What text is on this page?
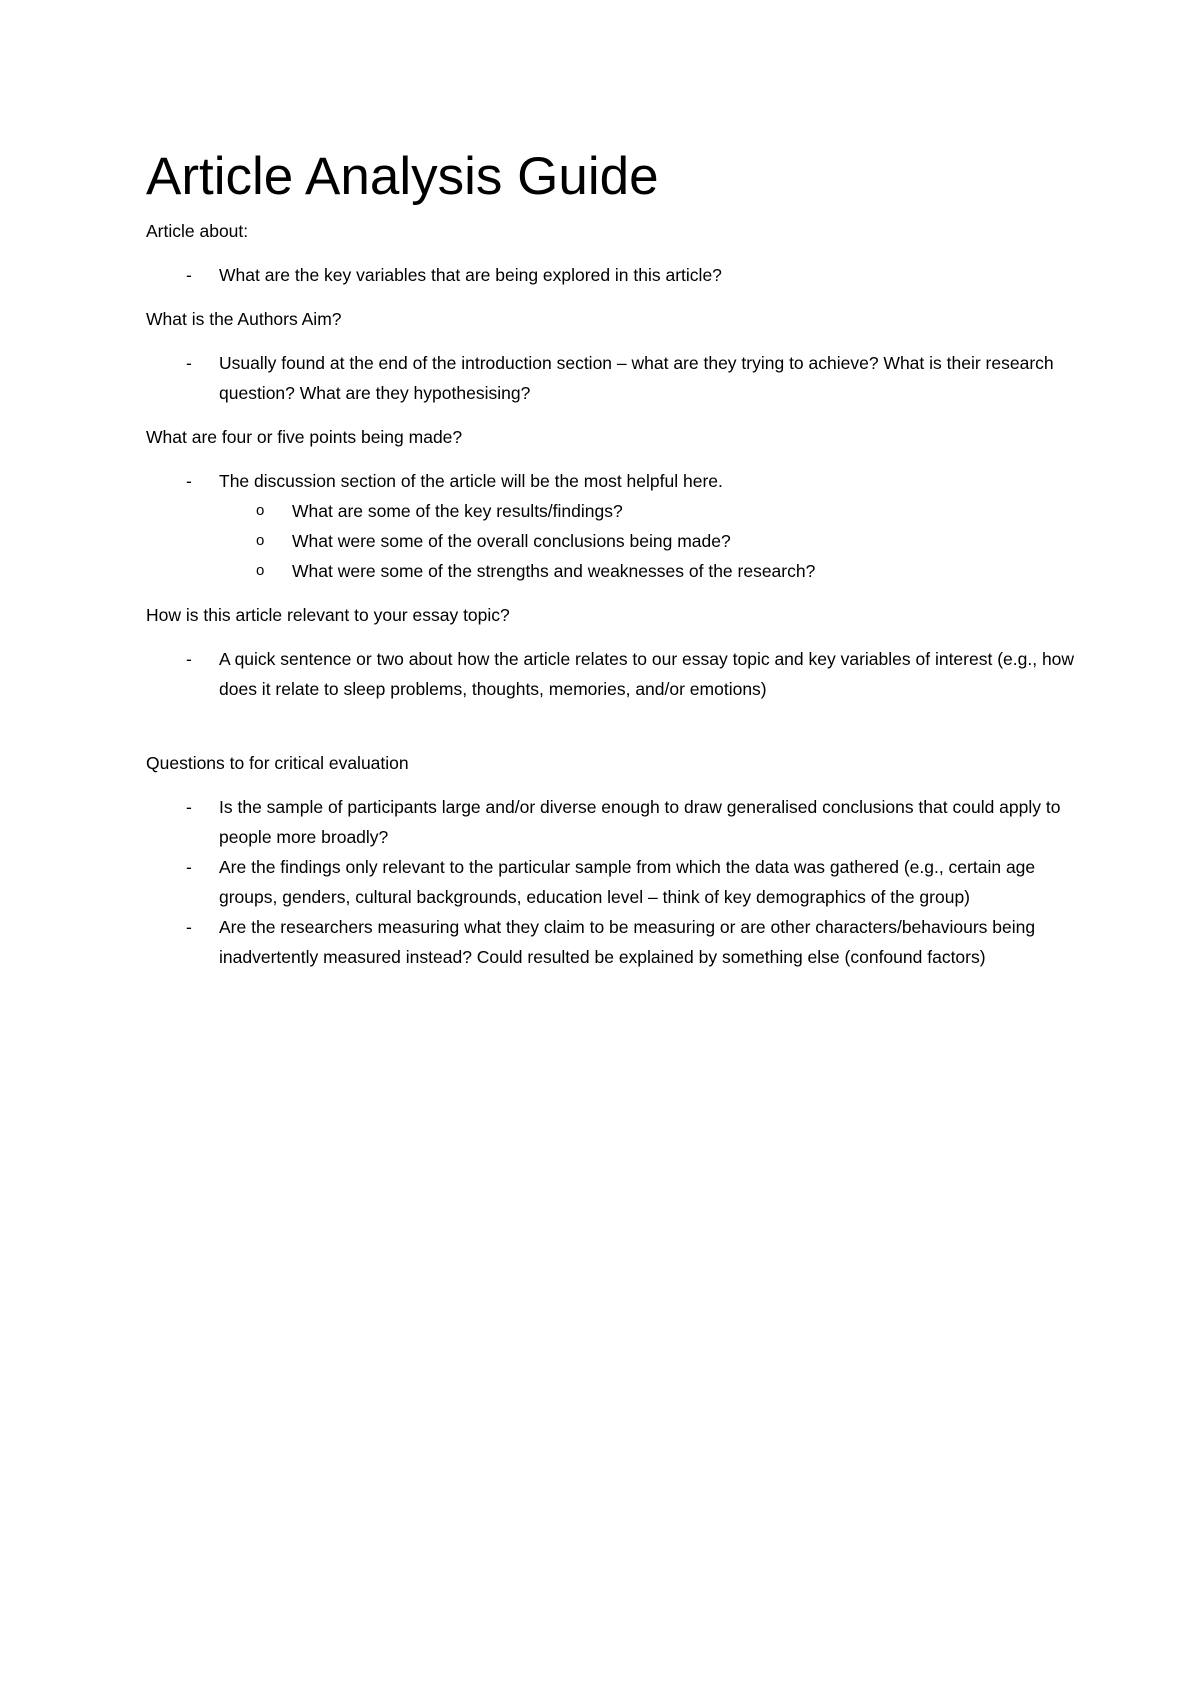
Article Analysis Guide

Article about:

- What are the key variables that are being explored in this article?

What is the Authors Aim?

- Usually found at the end of the introduction section – what are they trying to achieve? What is their research question? What are they hypothesising?

What are four or five points being made?

- The discussion section of the article will be the most helpful here.
o What are some of the key results/findings?
o What were some of the overall conclusions being made?
o What were some of the strengths and weaknesses of the research?

How is this article relevant to your essay topic?

- A quick sentence or two about how the article relates to our essay topic and key variables of interest (e.g., how does it relate to sleep problems, thoughts, memories, and/or emotions)

Questions to for critical evaluation

- Is the sample of participants large and/or diverse enough to draw generalised conclusions that could apply to people more broadly?
- Are the findings only relevant to the particular sample from which the data was gathered (e.g., certain age groups, genders, cultural backgrounds, education level – think of key demographics of the group)
- Are the researchers measuring what they claim to be measuring or are other characters/behaviours being inadvertently measured instead? Could resulted be explained by something else (confound factors)
